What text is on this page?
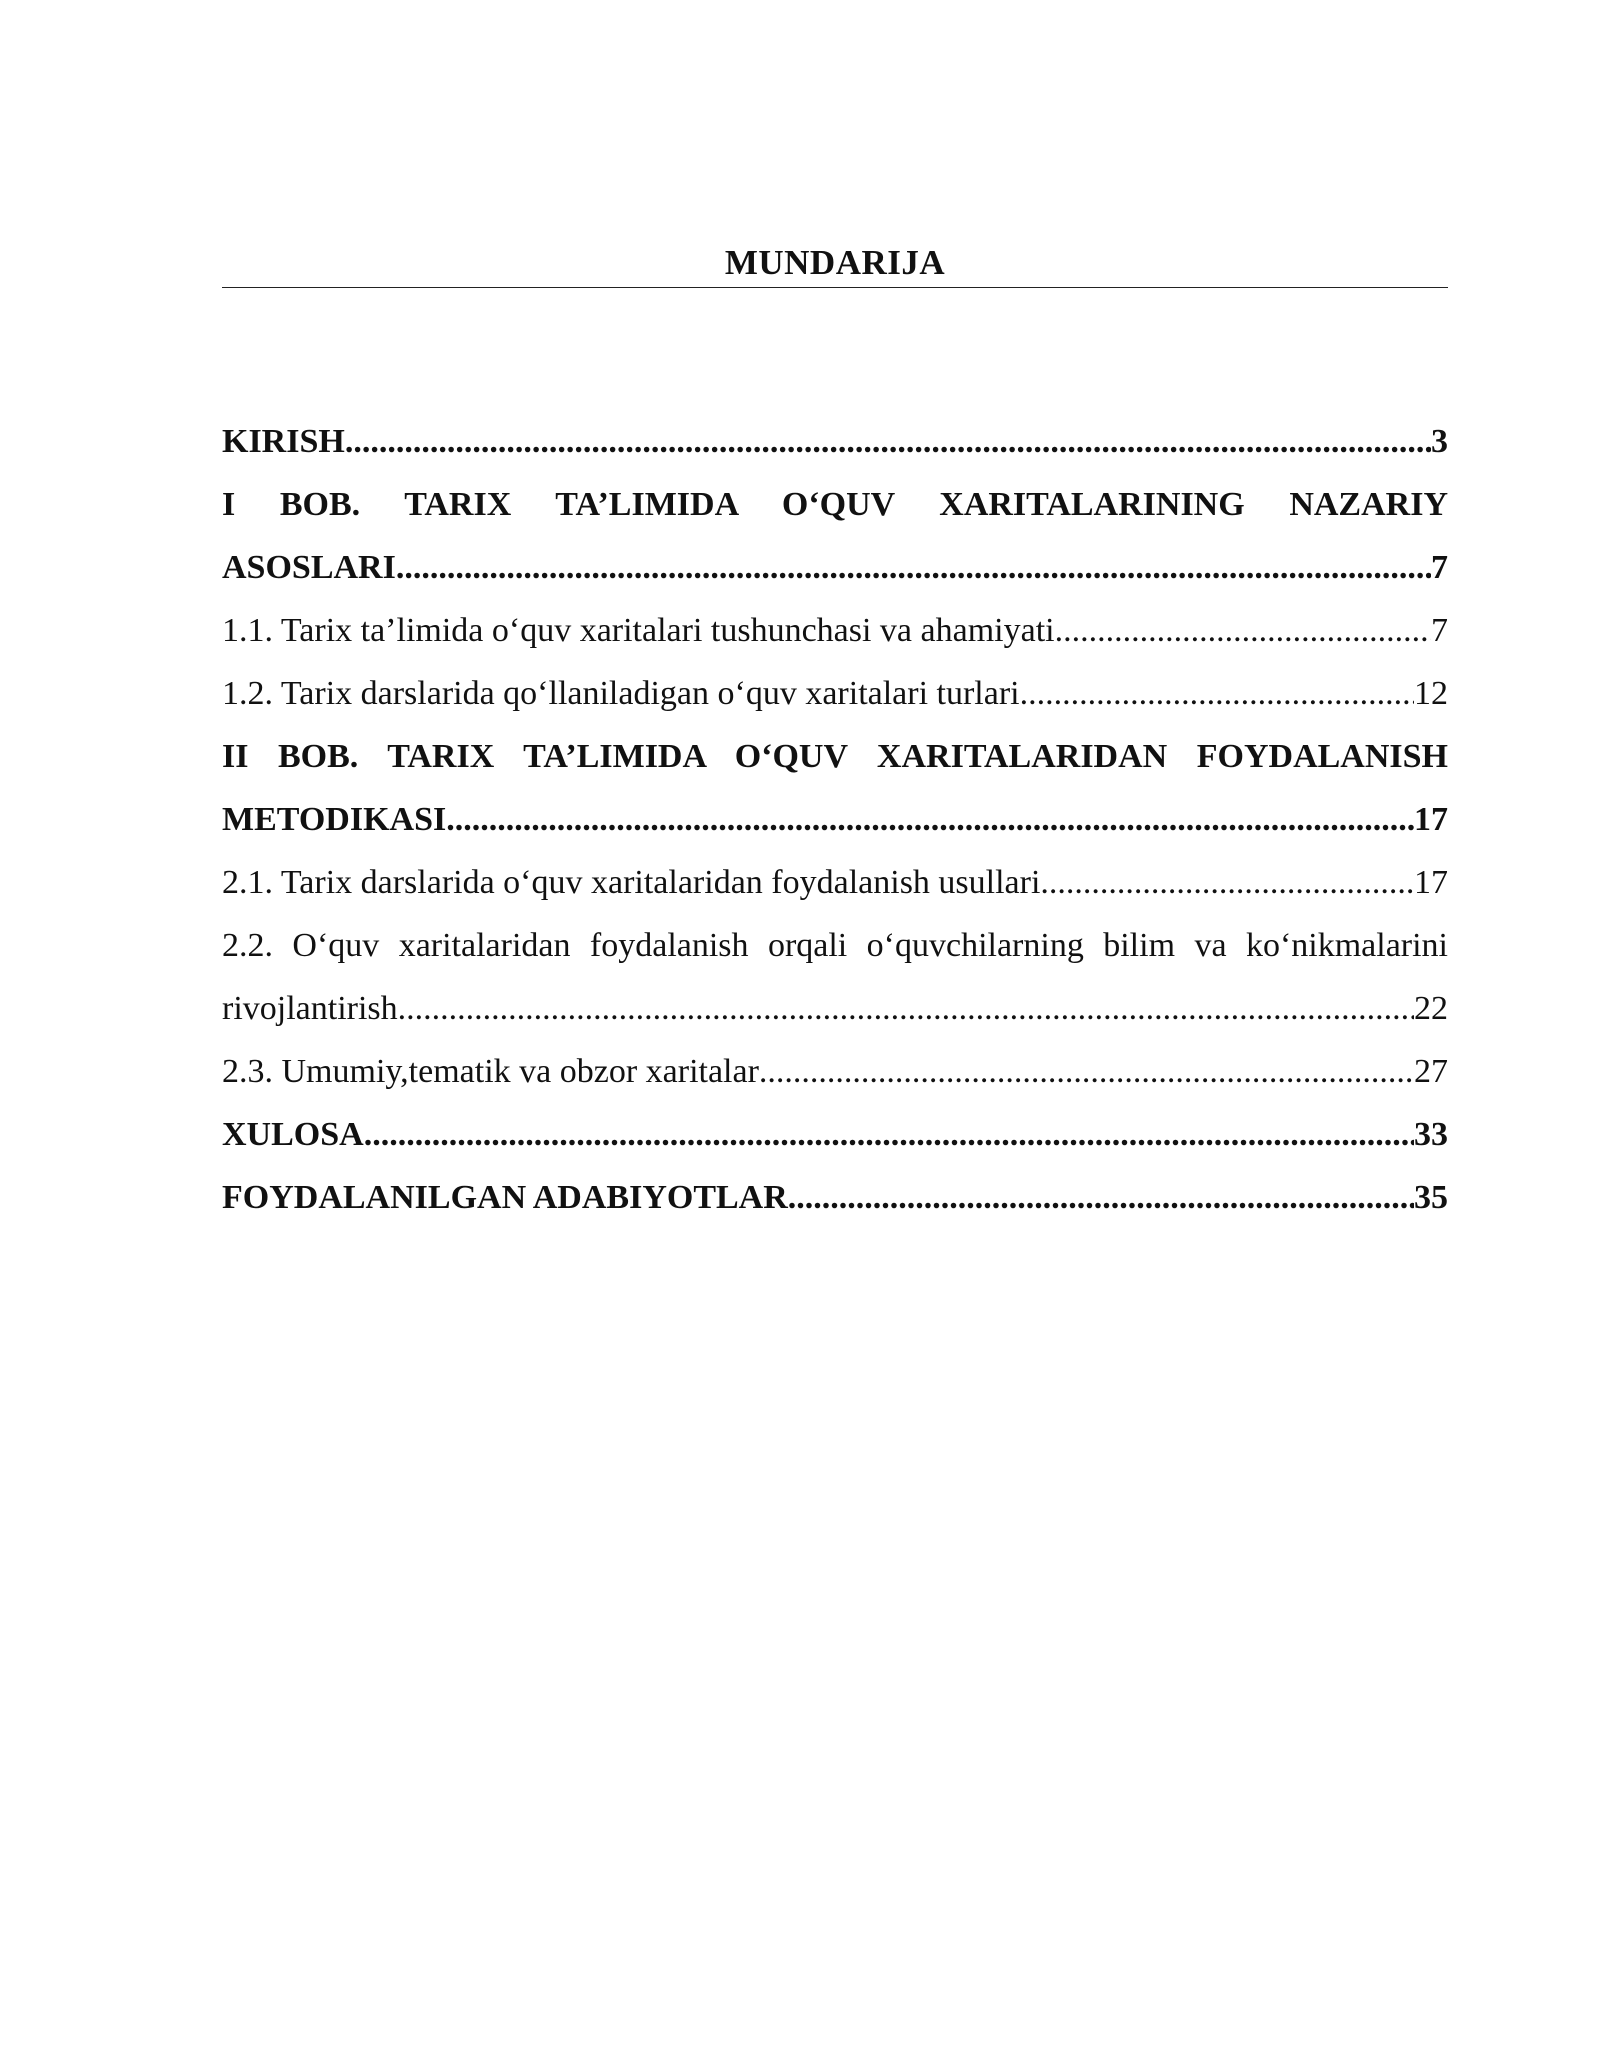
MUNDARIJA
KIRISH .....	3
I BOB. TARIX TA’LIMIDA O‘QUV XARITALARINING NAZARIY
ASOSLARI .....	7
1.1. Tarix ta’limida o‘quv xaritalari tushunchasi va ahamiyati .....	7
1.2. Tarix darslarida qo‘llaniladigan o‘quv xaritalari turlari .....	12
II BOB. TARIX TA’LIMIDA O‘QUV XARITALARIDAN FOYDALANISH
METODIKASI .....	17
2.1. Tarix darslarida o‘quv xaritalaridan foydalanish usullari .....	17
2.2. O‘quv xaritalaridan foydalanish orqali o‘quvchilarning bilim va ko‘nikmalarini
rivojlantirish .....	22
2.3. Umumiy,tematik va obzor xaritalar .....	27
XULOSA .....	33
FOYDALANILGAN ADABIYOTLAR .....	35
